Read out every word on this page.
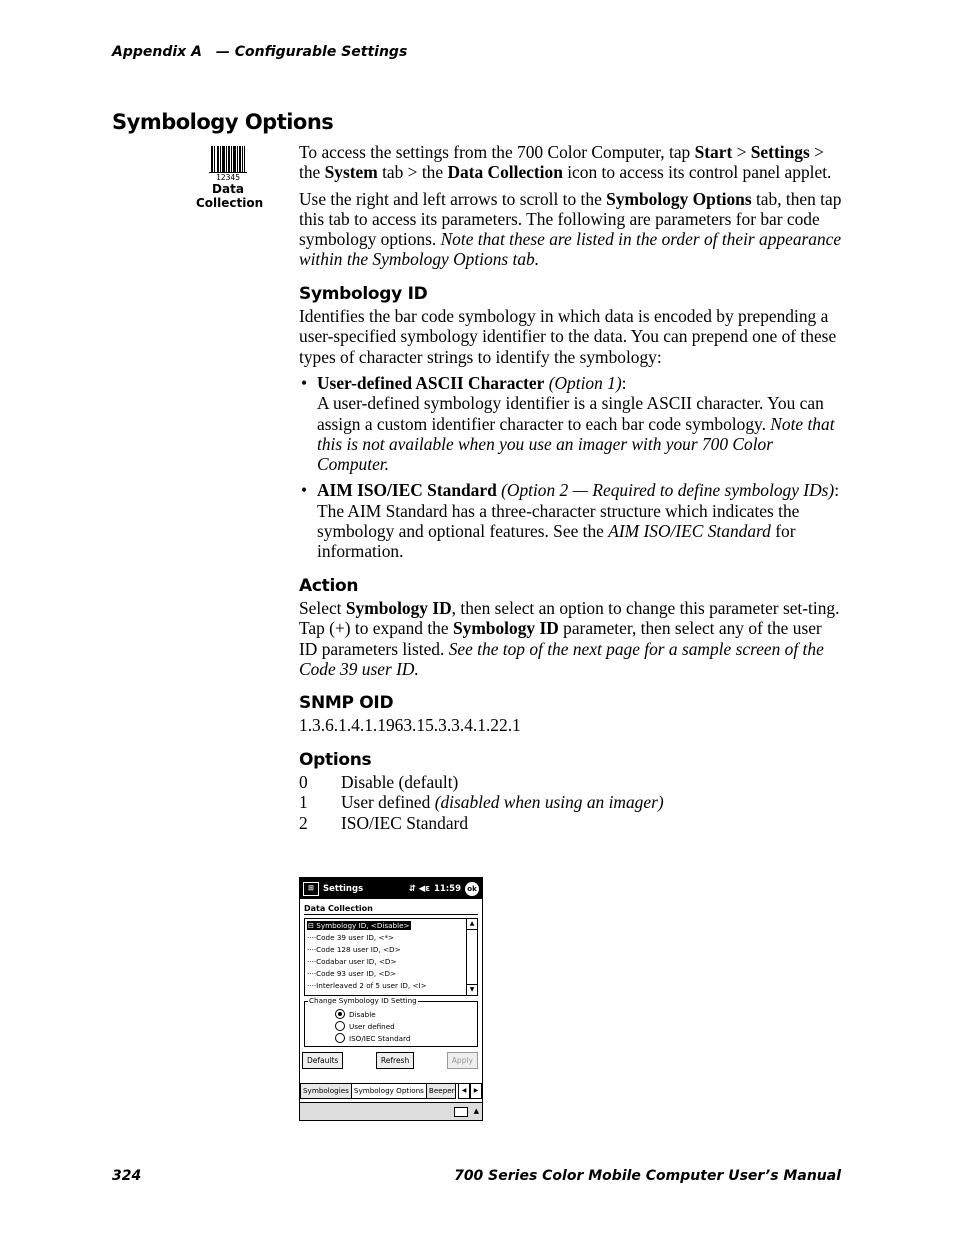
Appendix A — Configurable Settings
Symbology Options
12345
Data
Collection

To access the settings from the 700 Color Computer, tap Start > Settings > the System tab > the Data Collection icon to access its control panel applet.

Use the right and left arrows to scroll to the Symbology Options tab, then tap this tab to access its parameters. The following are parameters for bar code symbology options. Note that these are listed in the order of their appearance within the Symbology Options tab.

Symbology ID

Identifies the bar code symbology in which data is encoded by prepending a user-specified symbology identifier to the data. You can prepend one of these types of character strings to identify the symbology:

• User-defined ASCII Character (Option 1):
A user-defined symbology identifier is a single ASCII character. You can assign a custom identifier character to each bar code symbology. Note that this is not available when you use an imager with your 700 Color Computer.
• AIM ISO/IEC Standard (Option 2 — Required to define symbology IDs):
The AIM Standard has a three-character structure which indicates the symbology and optional features. See the AIM ISO/IEC Standard for information.
Action

Select Symbology ID, then select an option to change this parameter set-ting. Tap (+) to expand the Symbology ID parameter, then select any of the user ID parameters listed. See the top of the next page for a sample screen of the Code 39 user ID.

SNMP OID

1.3.6.1.4.1.1963.15.3.3.4.1.22.1

Options
0	Disable (default)
1	User defined (disabled when using an imager)
2	ISO/IEC Standard
⊞	Settings	⇵ ◀ε 11:59 ok
Data Collection
⊟ Symbology ID, <Disable>
····Code 39 user ID, <*>
····Code 128 user ID, <D>
····Codabar user ID, <D>
····Code 93 user ID, <D>
····Interleaved 2 of 5 user ID, <I>
▲
▼
Change Symbology ID Setting
Disable
User defined
ISO/IEC Standard
Defaults	Refresh	Apply
Symbologies Symbology Options Beeper	◀	▶
▲
324	700 Series Color Mobile Computer User’s Manual
